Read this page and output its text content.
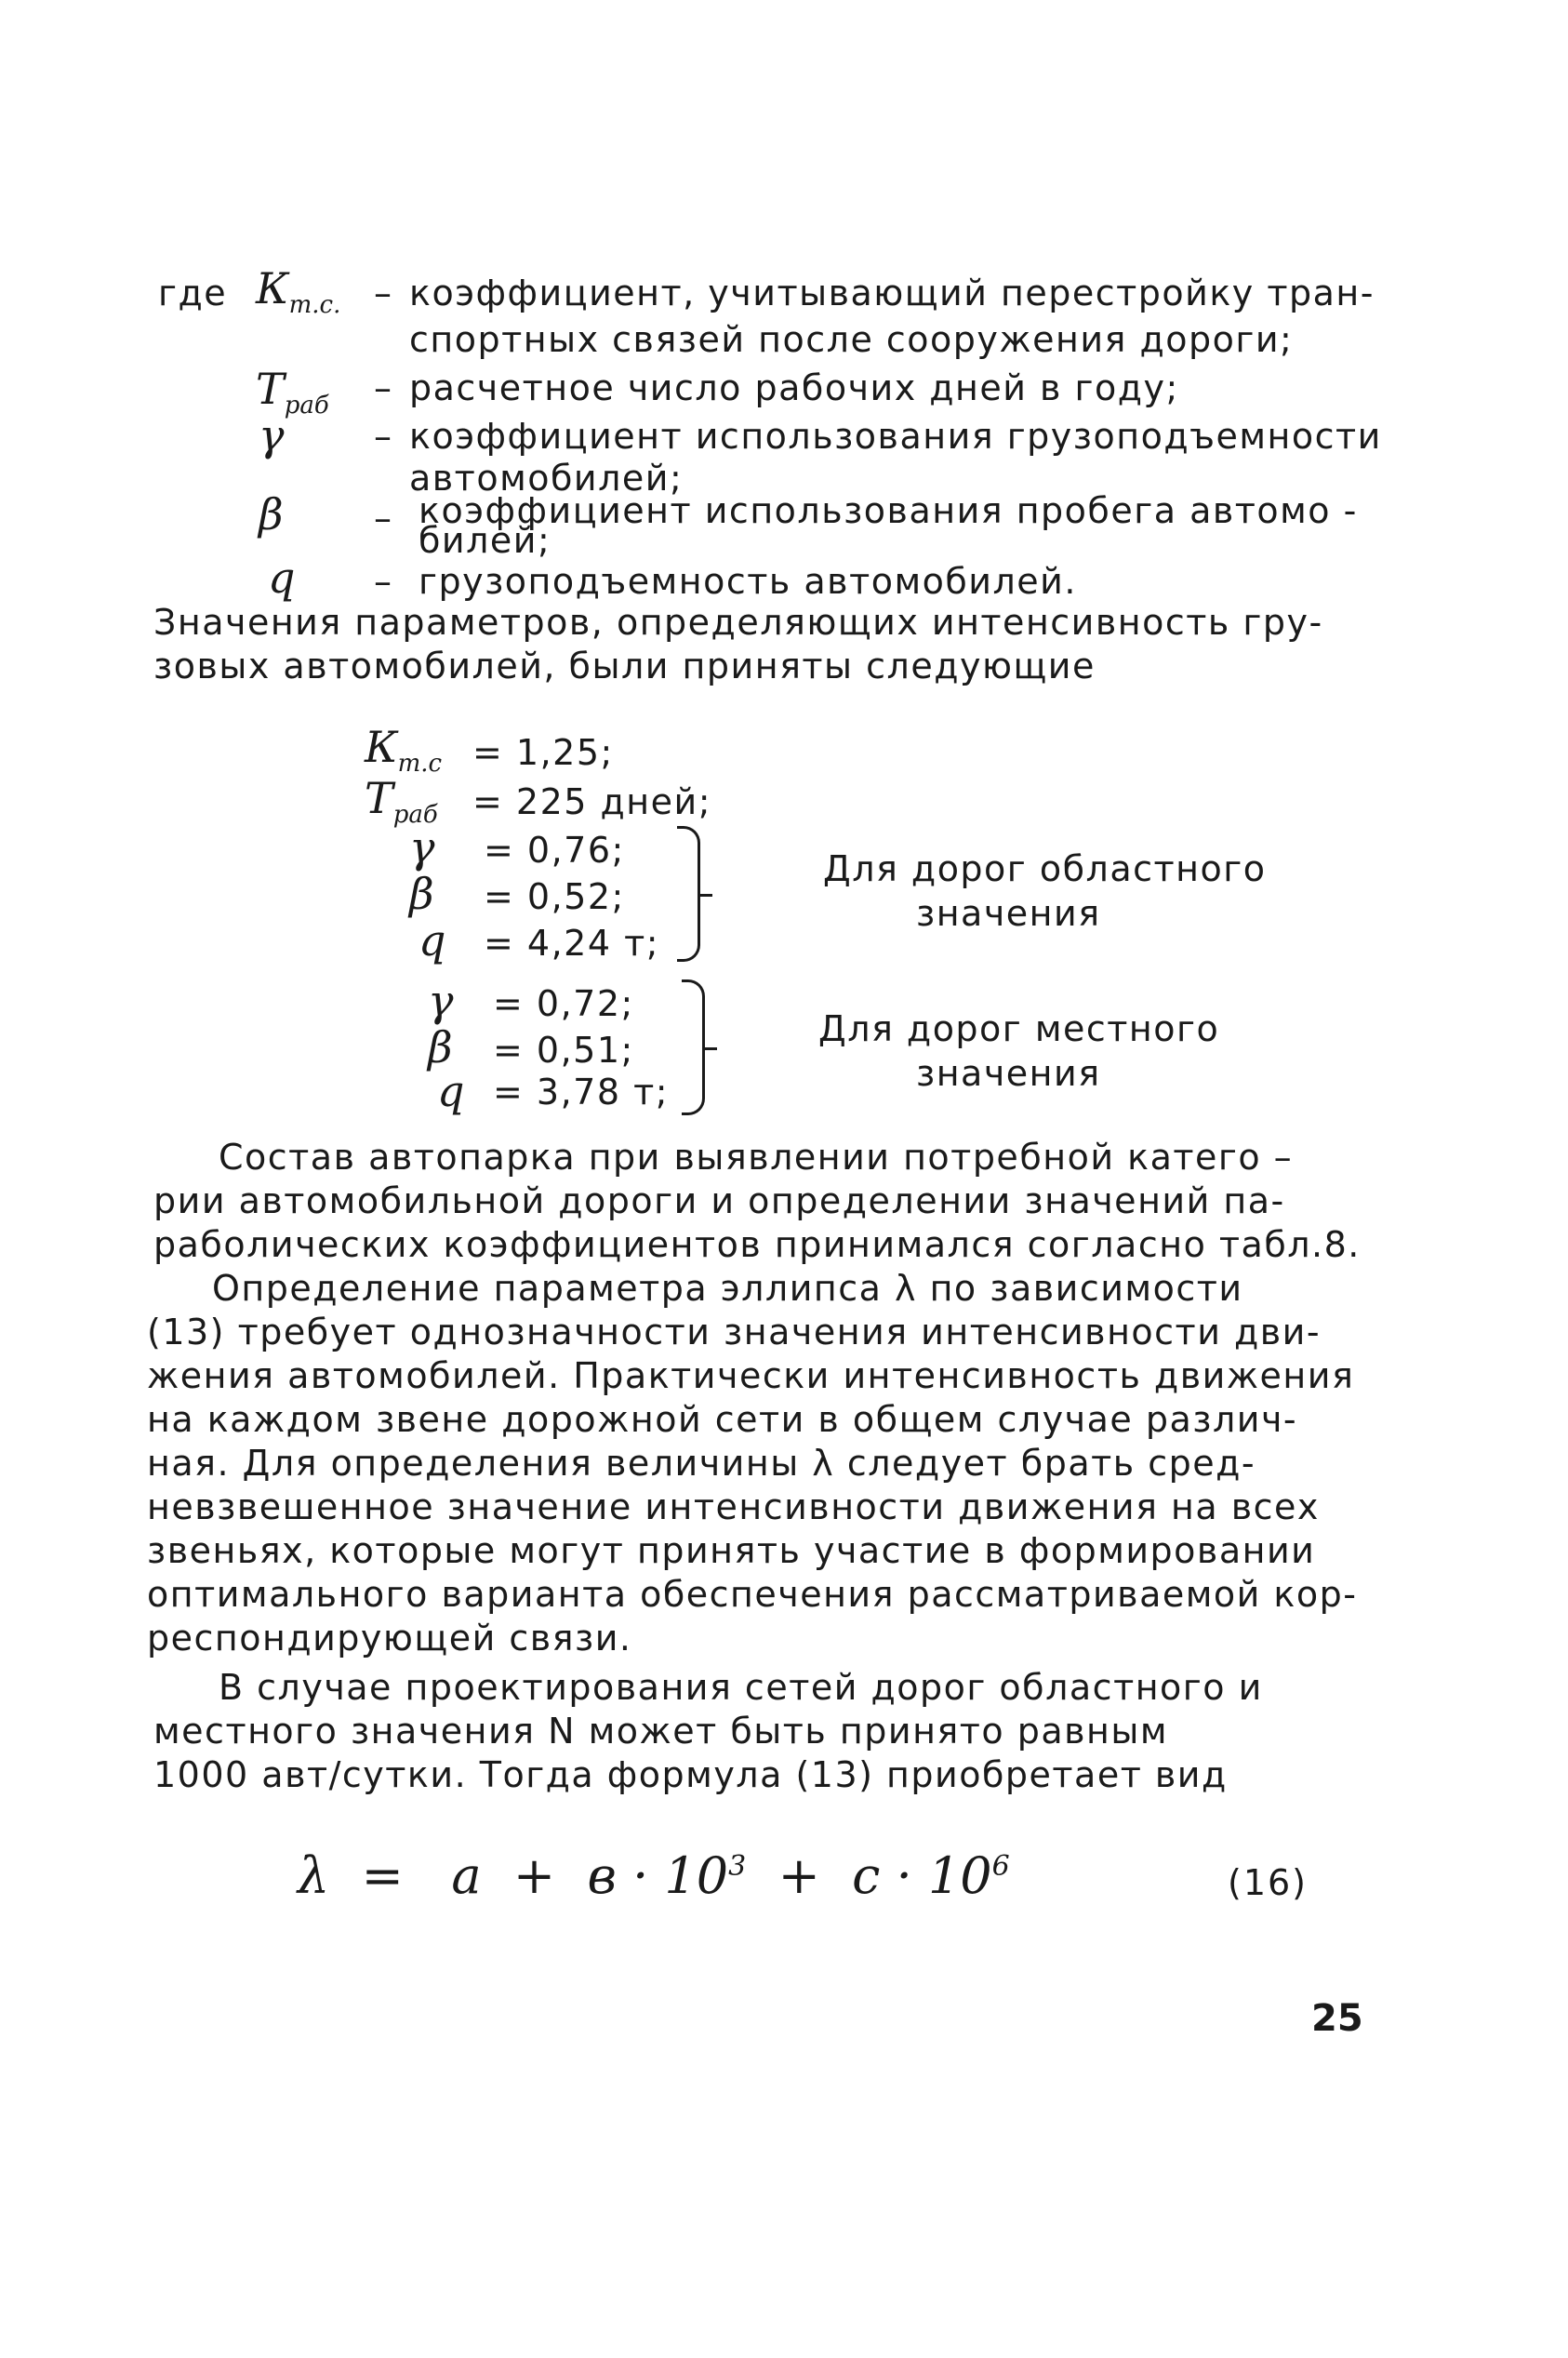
где $К_{т.с.}$ – коэффициент, учитывающий перестройку тран-
спортных связей после сооружения дороги;
$Т_{раб}$ – расчетное число рабочих дней в году;
γ	– коэффициент использования грузоподъемности
автомобилей;
β	– коэффициент использования пробега автомо -
билей;
q – грузоподъемность автомобилей.
Значения параметров, определяющих интенсивность гру-
зовых автомобилей, были приняты следующие
$К_{т.с} = 1,25$;
$Т_{раб} = 225$ дней;
γ = 0,76;
β = 0,52;
q = 4,24 т;
Для дорог областного
значения
γ = 0,72;
β = 0,51;
q = 3,78 т;
Для дорог местного
значения
Состав автопарка при выявлении потребной катего –
рии автомобильной дороги и определении значений па-
раболических коэффициентов принимался согласно табл.8.
Определение параметра эллипса λ по зависимости
(13) требует однозначности значения интенсивности дви-
жения автомобилей. Практически интенсивность движения
на каждом звене дорожной сети в общем случае различ-
ная. Для определения величины λ следует брать сред-
невзвешенное значение интенсивности движения на всех
звеньях, которые могут принять участие в формировании
оптимального варианта обеспечения рассматриваемой кор-
респондирующей связи.
В случае проектирования сетей дорог областного и
местного значения N может быть принято равным
1000 авт/сутки. Тогда формула (13) приобретает вид
$\lambda = a + в \cdot 10^3 + c \cdot 10^6$	(16)
25
